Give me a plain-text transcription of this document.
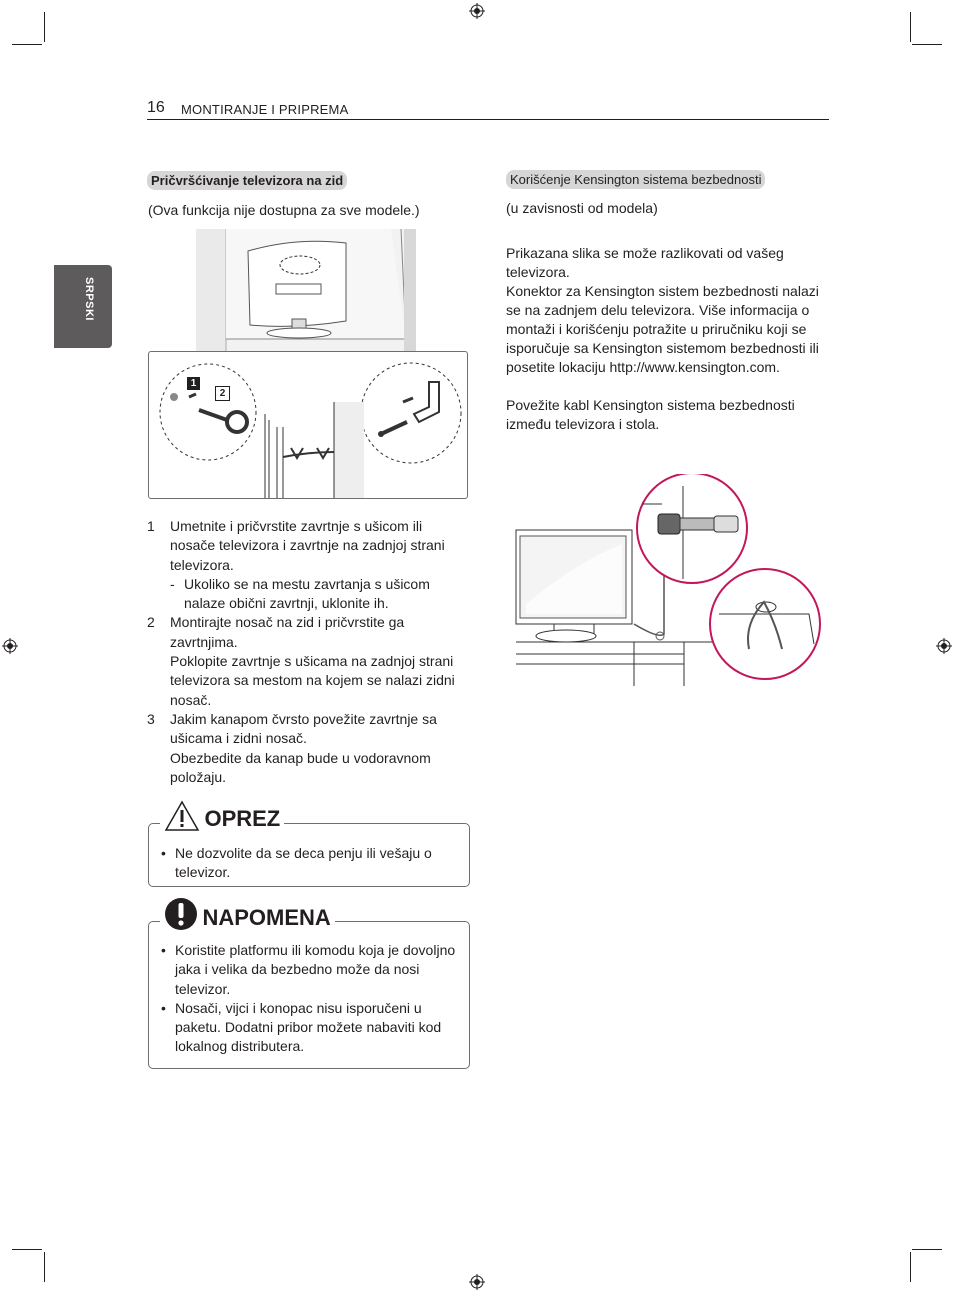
16 MONTIRANJE I PRIPREMA
SRPSKI
Pričvršćivanje televizora na zid
(Ova funkcija nije dostupna za sve modele.)
1
2
1 Umetnite i pričvrstite zavrtnje s ušicom ili nosače televizora i zavrtnje na zadnjoj strani televizora.
- Ukoliko se na mestu zavrtanja s ušicom nalaze obični zavrtnji, uklonite ih.
2 Montirajte nosač na zid i pričvrstite ga zavrtnjima.
Poklopite zavrtnje s ušicama na zadnjoj strani televizora sa mestom na kojem se nalazi zidni nosač.
3 Jakim kanapom čvrsto povežite zavrtnje sa ušicama i zidni nosač.
Obezbedite da kanap bude u vodoravnom položaju.
OPREZ
• Ne dozvolite da se deca penju ili vešaju o televizor.
NAPOMENA
• Koristite platformu ili komodu koja je dovoljno jaka i velika da bezbedno može da nosi televizor.
• Nosači, vijci i konopac nisu isporučeni u paketu. Dodatni pribor možete nabaviti kod lokalnog distributera.
Korišćenje Kensington sistema bezbednosti
(u zavisnosti od modela)
Prikazana slika se može razlikovati od vašeg televizora.
Konektor za Kensington sistem bezbednosti nalazi se na zadnjem delu televizora. Više informacija o montaži i korišćenju potražite u priručniku koji se isporučuje sa Kensington sistemom bezbednosti ili posetite lokaciju http://www.kensington.com.
Povežite kabl Kensington sistema bezbednosti između televizora i stola.
